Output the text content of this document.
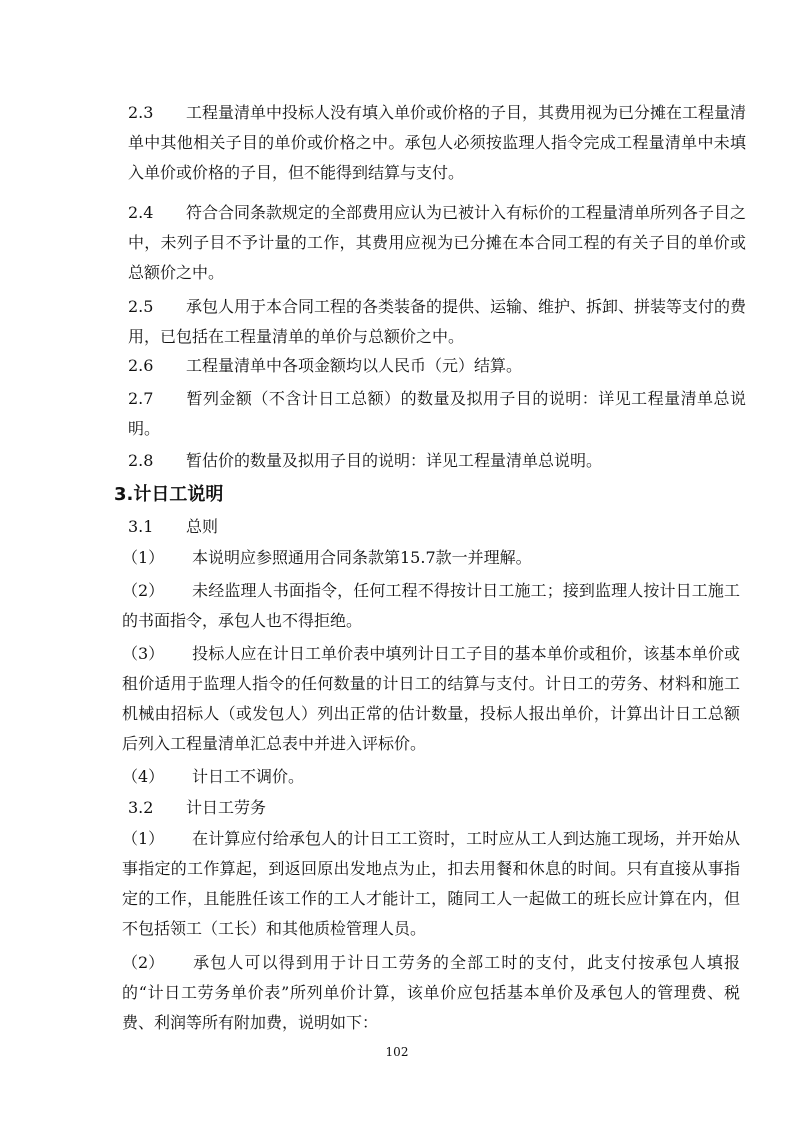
2.3 工程量清单中投标人没有填入单价或价格的子目，其费用视为已分摊在工程量清单中其他相关子目的单价或价格之中。承包人必须按监理人指令完成工程量清单中未填入单价或价格的子目，但不能得到结算与支付。

2.4 符合合同条款规定的全部费用应认为已被计入有标价的工程量清单所列各子目之中，未列子目不予计量的工作，其费用应视为已分摊在本合同工程的有关子目的单价或总额价之中。

2.5 承包人用于本合同工程的各类装备的提供、运输、维护、拆卸、拼装等支付的费用，已包括在工程量清单的单价与总额价之中。

2.6 工程量清单中各项金额均以人民币（元）结算。

2.7 暂列金额（不含计日工总额）的数量及拟用子目的说明：详见工程量清单总说明。

2.8 暂估价的数量及拟用子目的说明：详见工程量清单总说明。

3.计日工说明

3.1 总则

（1） 本说明应参照通用合同条款第15.7款一并理解。

（2） 未经监理人书面指令，任何工程不得按计日工施工；接到监理人按计日工施工的书面指令，承包人也不得拒绝。

（3） 投标人应在计日工单价表中填列计日工子目的基本单价或租价，该基本单价或租价适用于监理人指令的任何数量的计日工的结算与支付。计日工的劳务、材料和施工机械由招标人（或发包人）列出正常的估计数量，投标人报出单价，计算出计日工总额后列入工程量清单汇总表中并进入评标价。

（4） 计日工不调价。

3.2 计日工劳务

（1） 在计算应付给承包人的计日工工资时，工时应从工人到达施工现场，并开始从事指定的工作算起，到返回原出发地点为止，扣去用餐和休息的时间。只有直接从事指定的工作，且能胜任该工作的工人才能计工，随同工人一起做工的班长应计算在内，但不包括领工（工长）和其他质检管理人员。

（2） 承包人可以得到用于计日工劳务的全部工时的支付，此支付按承包人填报的“计日工劳务单价表”所列单价计算，该单价应包括基本单价及承包人的管理费、税费、利润等所有附加费，说明如下：

102
